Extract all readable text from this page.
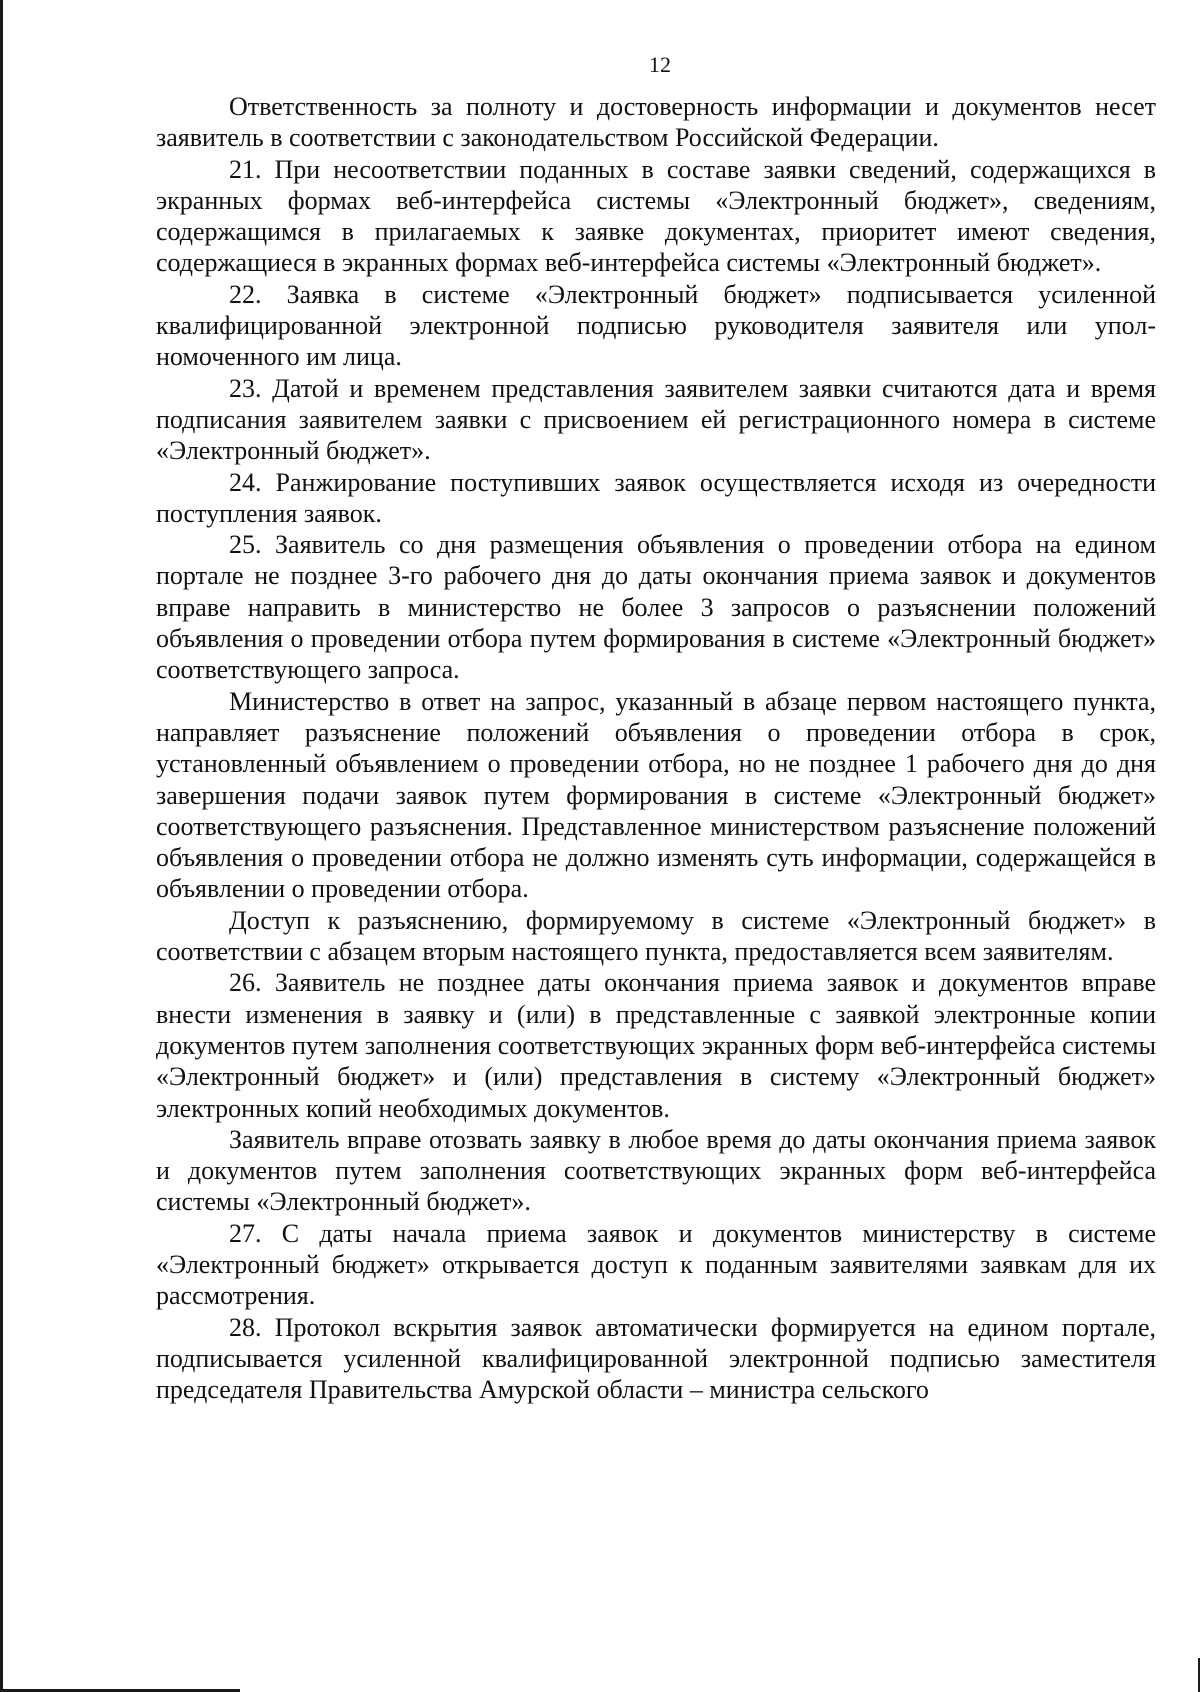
12

Ответственность за полноту и достоверность информации и документов несет заявитель в соответствии с законодательством Российской Федерации.

21. При несоответствии поданных в составе заявки сведений, содержащихся в экранных формах веб-интерфейса системы «Электронный бюджет», сведениям, содержащимся в прилагаемых к заявке документах, приоритет имеют сведения, содержащиеся в экранных формах веб-интерфейса системы «Электронный бюджет».

22. Заявка в системе «Электронный бюджет» подписывается усиленной квалифицированной электронной подписью руководителя заявителя или уполномоченного им лица.

23. Датой и временем представления заявителем заявки считаются дата и время подписания заявителем заявки с присвоением ей регистрационного номера в системе «Электронный бюджет».

24. Ранжирование поступивших заявок осуществляется исходя из очередности поступления заявок.

25. Заявитель со дня размещения объявления о проведении отбора на едином портале не позднее 3-го рабочего дня до даты окончания приема заявок и документов вправе направить в министерство не более 3 запросов о разъяснении положений объявления о проведении отбора путем формирования в системе «Электронный бюджет» соответствующего запроса.

Министерство в ответ на запрос, указанный в абзаце первом настоящего пункта, направляет разъяснение положений объявления о проведении отбора в срок, установленный объявлением о проведении отбора, но не позднее 1 рабочего дня до дня завершения подачи заявок путем формирования в системе «Электронный бюджет» соответствующего разъяснения. Представленное министерством разъяснение положений объявления о проведении отбора не должно изменять суть информации, содержащейся в объявлении о проведении отбора.

Доступ к разъяснению, формируемому в системе «Электронный бюджет» в соответствии с абзацем вторым настоящего пункта, предоставляется всем заявителям.

26. Заявитель не позднее даты окончания приема заявок и документов вправе внести изменения в заявку и (или) в представленные с заявкой электронные копии документов путем заполнения соответствующих экранных форм веб-интерфейса системы «Электронный бюджет» и (или) представления в систему «Электронный бюджет» электронных копий необходимых документов.

Заявитель вправе отозвать заявку в любое время до даты окончания приема заявок и документов путем заполнения соответствующих экранных форм веб-интерфейса системы «Электронный бюджет».

27. С даты начала приема заявок и документов министерству в системе «Электронный бюджет» открывается доступ к поданным заявителями заявкам для их рассмотрения.

28. Протокол вскрытия заявок автоматически формируется на едином портале, подписывается усиленной квалифицированной электронной подписью заместителя председателя Правительства Амурской области – министра сельского
